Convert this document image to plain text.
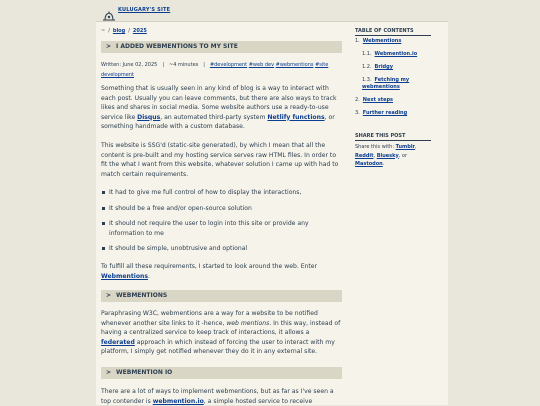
KULUGARY'S SITE
~ / blog / 2025
> I ADDED WEBMENTIONS TO MY SITE
Written: June 02, 2025 | ~4 minutes | #development #web dev #webmentions #site development

Something that is usually seen in any kind of blog is a way to interact with each post. Usually you can leave comments, but there are also ways to track likes and shares in social media. Some website authors use a ready-to-use service like Disqus, an automated third-party system Netlify functions, or something handmade with a custom database.

This website is SSG'd (static-site generated), by which I mean that all the content is pre-built and my hosting service serves raw HTML files. In order to fit the what I want from this website, whatever solution I came up with had to match certain requirements.

It had to give me full control of how to display the interactions,
It should be a free and/or open-source solution
It should not require the user to login into this site or provide any information to me
It should be simple, unobtrusive and optional

To fulfill all these requirements, I started to look around the web. Enter Webmentions.

> WEBMENTIONS

Paraphrasing W3C, webmentions are a way for a website to be notified whenever another site links to it -hence, web mentions. In this way, instead of having a centralized service to keep track of interactions, it allows a federated approach in which instead of forcing the user to interact with my platform, I simply get notified whenever they do it in any external site.

> WEBMENTION IO

There are a lot of ways to implement webmentions, but as far as I've seen a top contender is webmention.io, a simple hosted service to receive

TABLE OF CONTENTS
1. Webmentions
1.1. Webmention.io
1.2. Bridgy
1.3. Fetching my webmentions
2. Next steps
3. Further reading
SHARE THIS POST
Share this with: Tumblr, Reddit, Bluesky, or Mastodon.
